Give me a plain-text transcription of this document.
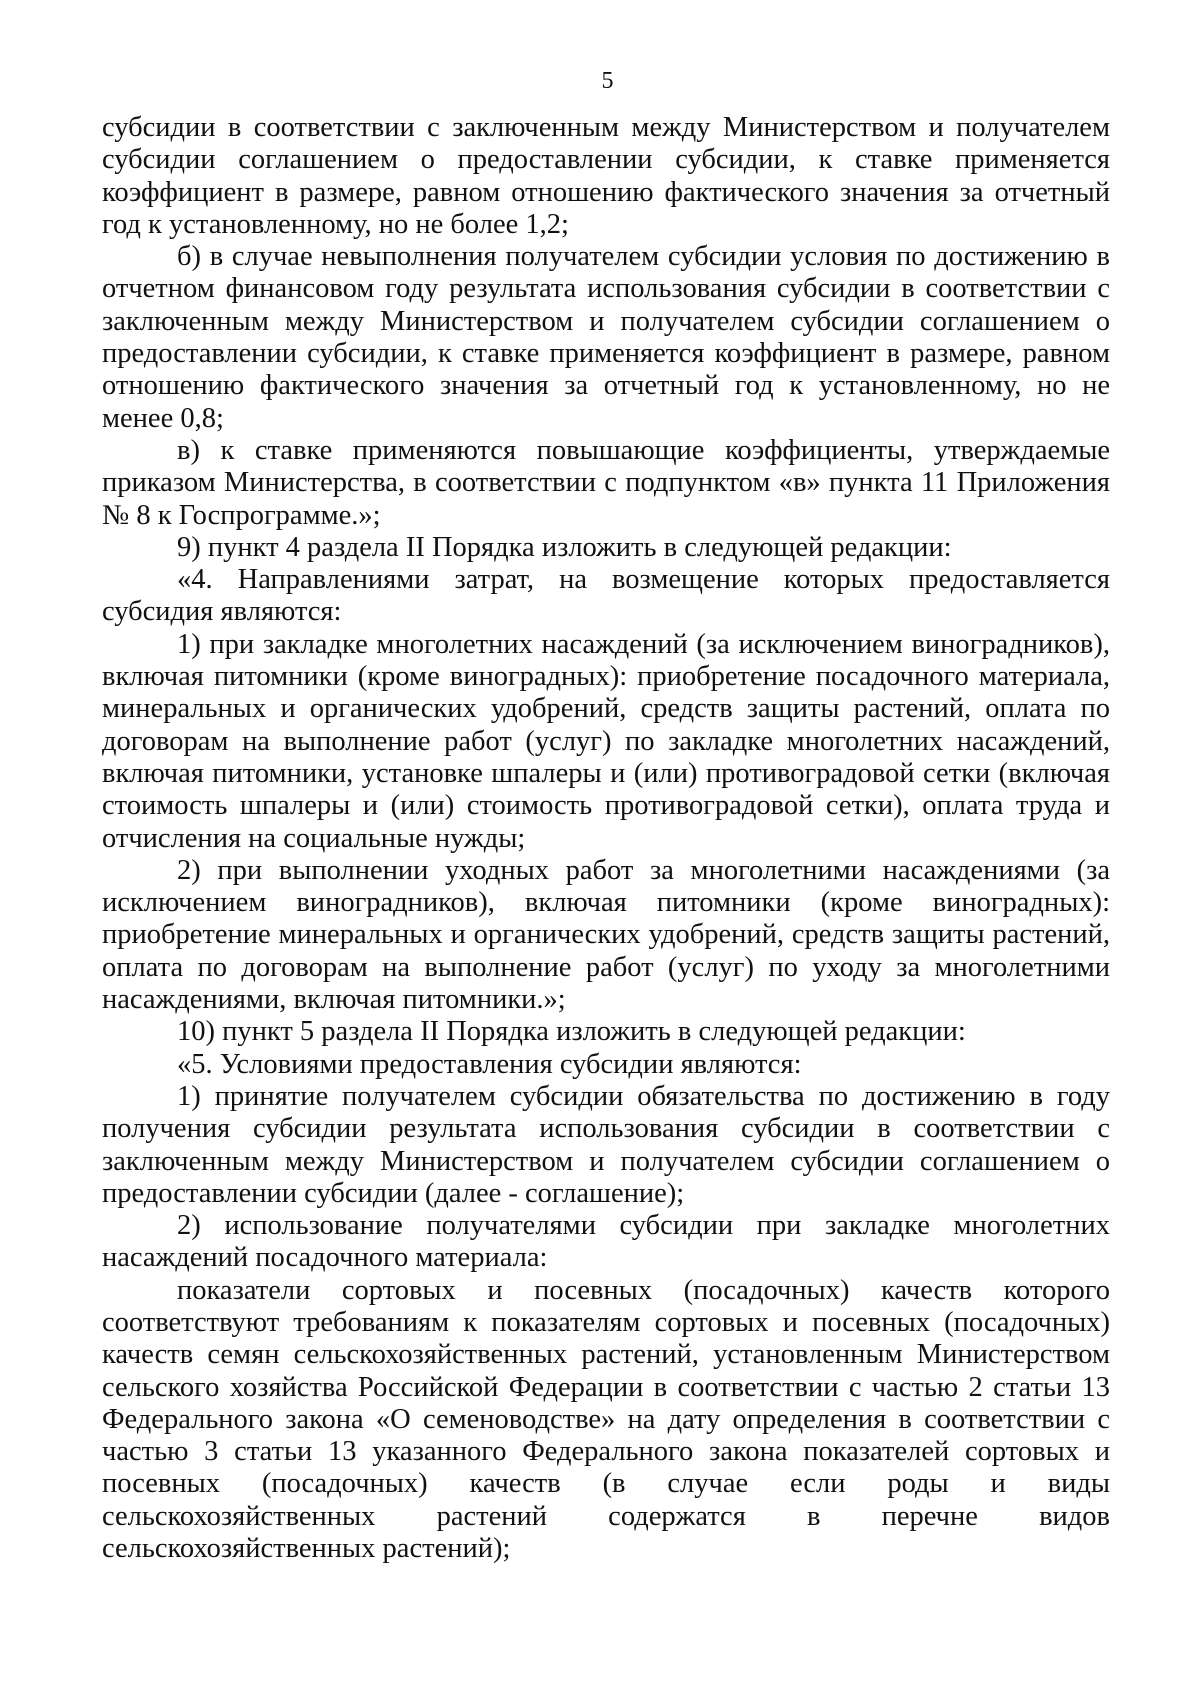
5

субсидии в соответствии с заключенным между Министерством и получателем субсидии соглашением о предоставлении субсидии, к ставке применяется коэффициент в размере, равном отношению фактического значения за отчетный год к установленному, но не более 1,2;

б) в случае невыполнения получателем субсидии условия по достижению в отчетном финансовом году результата использования субсидии в соответствии с заключенным между Министерством и получателем субсидии соглашением о предоставлении субсидии, к ставке применяется коэффициент в размере, равном отношению фактического значения за отчетный год к установленному, но не менее 0,8;

в) к ставке применяются повышающие коэффициенты, утверждаемые приказом Министерства, в соответствии с подпунктом «в» пункта 11 Приложения № 8 к Госпрограмме.»;

9) пункт 4 раздела II Порядка изложить в следующей редакции:

«4. Направлениями затрат, на возмещение которых предоставляется субсидия являются:

1) при закладке многолетних насаждений (за исключением виноградников), включая питомники (кроме виноградных): приобретение посадочного материала, минеральных и органических удобрений, средств защиты растений, оплата по договорам на выполнение работ (услуг) по закладке многолетних насаждений, включая питомники, установке шпалеры и (или) противоградовой сетки (включая стоимость шпалеры и (или) стоимость противоградовой сетки), оплата труда и отчисления на социальные нужды;

2) при выполнении уходных работ за многолетними насаждениями (за исключением виноградников), включая питомники (кроме виноградных): приобретение минеральных и органических удобрений, средств защиты растений, оплата по договорам на выполнение работ (услуг) по уходу за многолетними насаждениями, включая питомники.»;

10) пункт 5 раздела II Порядка изложить в следующей редакции:

«5. Условиями предоставления субсидии являются:

1) принятие получателем субсидии обязательства по достижению в году получения субсидии результата использования субсидии в соответствии с заключенным между Министерством и получателем субсидии соглашением о предоставлении субсидии (далее - соглашение);

2) использование получателями субсидии при закладке многолетних насаждений посадочного материала:

показатели сортовых и посевных (посадочных) качеств которого соответствуют требованиям к показателям сортовых и посевных (посадочных) качеств семян сельскохозяйственных растений, установленным Министерством сельского хозяйства Российской Федерации в соответствии с частью 2 статьи 13 Федерального закона «О семеноводстве» на дату определения в соответствии с частью 3 статьи 13 указанного Федерального закона показателей сортовых и посевных (посадочных) качеств (в случае если роды и виды сельскохозяйственных растений содержатся в перечне видов сельскохозяйственных растений);
